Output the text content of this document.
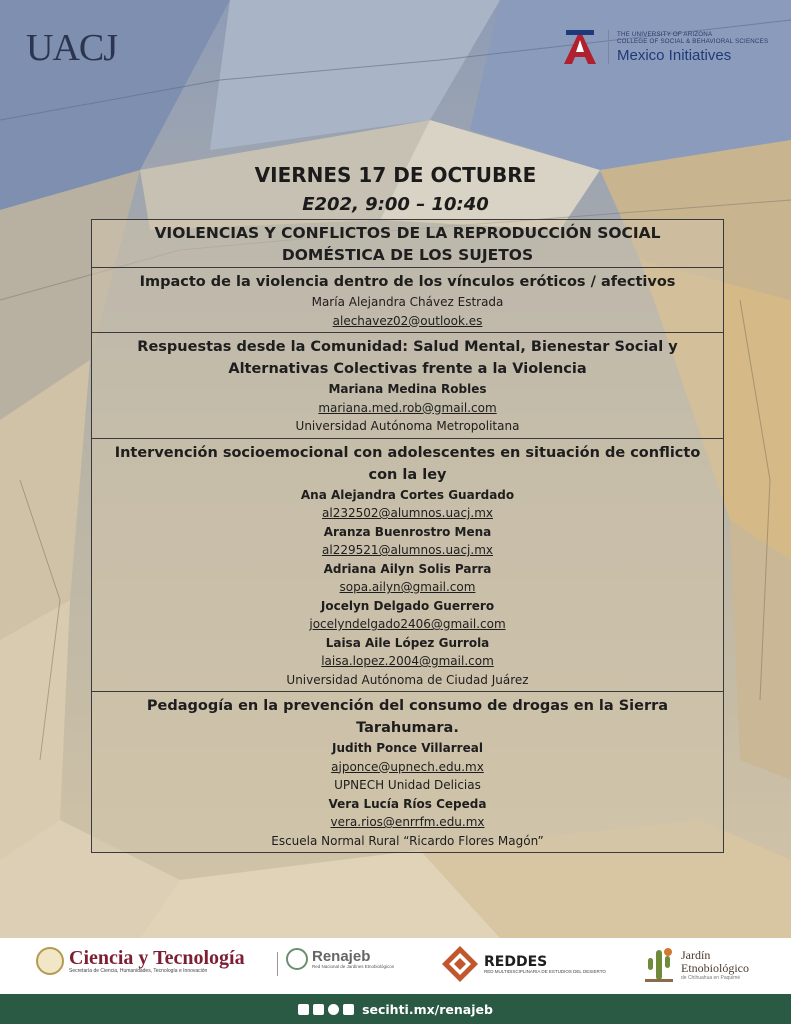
UACJ	THE UNIVERSITY OF ARIZONA
COLLEGE OF SOCIAL & BEHAVIORAL SCIENCES
Mexico Initiatives
VIERNES 17 DE OCTUBRE
E202, 9:00 – 10:40
VIOLENCIAS Y CONFLICTOS DE LA REPRODUCCIÓN SOCIAL DOMÉSTICA DE LOS SUJETOS
Impacto de la violencia dentro de los vínculos eróticos / afectivos
María Alejandra Chávez Estrada
alechavez02@outlook.es
Respuestas desde la Comunidad: Salud Mental, Bienestar Social y Alternativas Colectivas frente a la Violencia
Mariana Medina Robles
mariana.med.rob@gmail.com
Universidad Autónoma Metropolitana
Intervención socioemocional con adolescentes en situación de conflicto con la ley
Ana Alejandra Cortes Guardado
al232502@alumnos.uacj.mx
Aranza Buenrostro Mena
al229521@alumnos.uacj.mx
Adriana Ailyn Solis Parra
sopa.ailyn@gmail.com
Jocelyn Delgado Guerrero
jocelyndelgado2406@gmail.com
Laisa Aile López Gurrola
laisa.lopez.2004@gmail.com
Universidad Autónoma de Ciudad Juárez
Pedagogía en la prevención del consumo de drogas en la Sierra Tarahumara.
Judith Ponce Villarreal
ajponce@upnech.edu.mx
UPNECH Unidad Delicias
Vera Lucía Ríos Cepeda
vera.rios@enrrfm.edu.mx
Escuela Normal Rural “Ricardo Flores Magón”
Ciencia y Tecnología
Secretaría de Ciencia, Humanidades, Tecnología e Innovación
Renajeb
Red Nacional de Jardines Etnobiológicos	REDDES
RED MULTIDISCIPLINARIA DE ESTUDIOS DEL DESIERTO
Jardín
Etnobiológico
de Chihuahua en Paquimé
secihti.mx/renajeb
